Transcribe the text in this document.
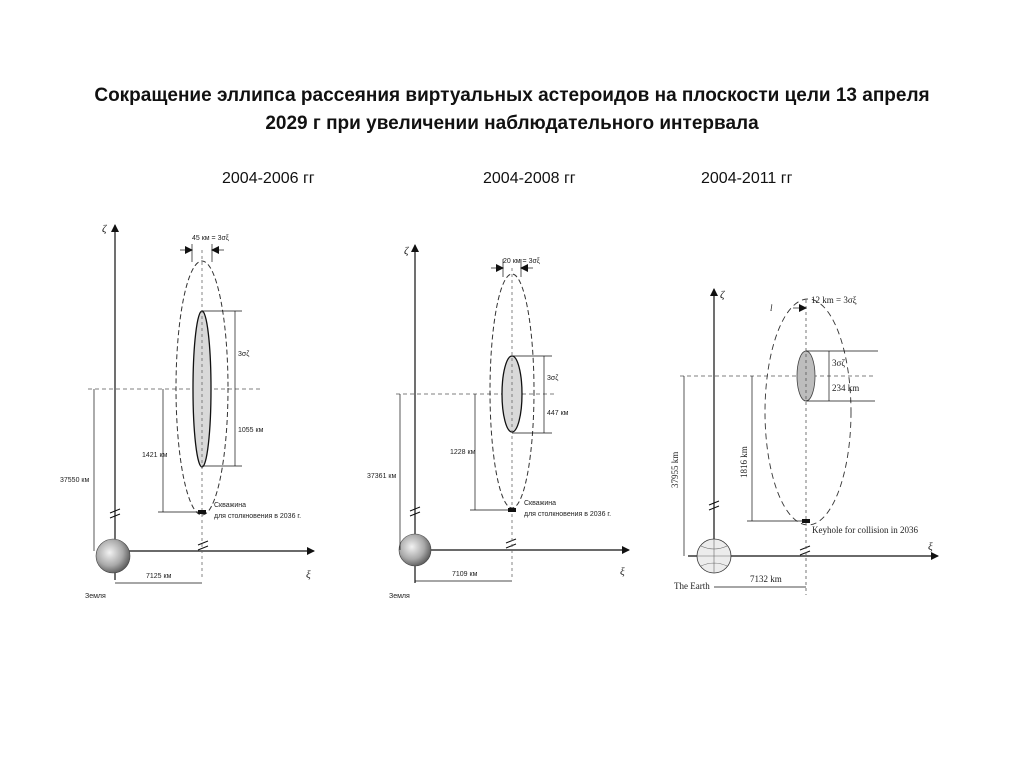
Сокращение эллипса рассеяния виртуальных астероидов на плоскости цели 13 апреля
2029 г при увеличении наблюдательного интервала
2004-2006 гг	2004-2008 гг	2004-2011 гг
ζ
ξ
Земля
45 км = 3σξ
3σζ
1055 км
1421 км
Скважина
для столкновения в 2036 г.
37550 км
7125 км
ζ
ξ
Земля
20 км = 3σξ
3σζ
447 км
1228 км
Скважина
для столкновения в 2036 г.
37361 км
7109 км
ζ
ξ
The Earth
12 km = 3σξ
l
3σζ
234 km
1816 km
Keyhole for collision in 2036
37955 km
7132 km
